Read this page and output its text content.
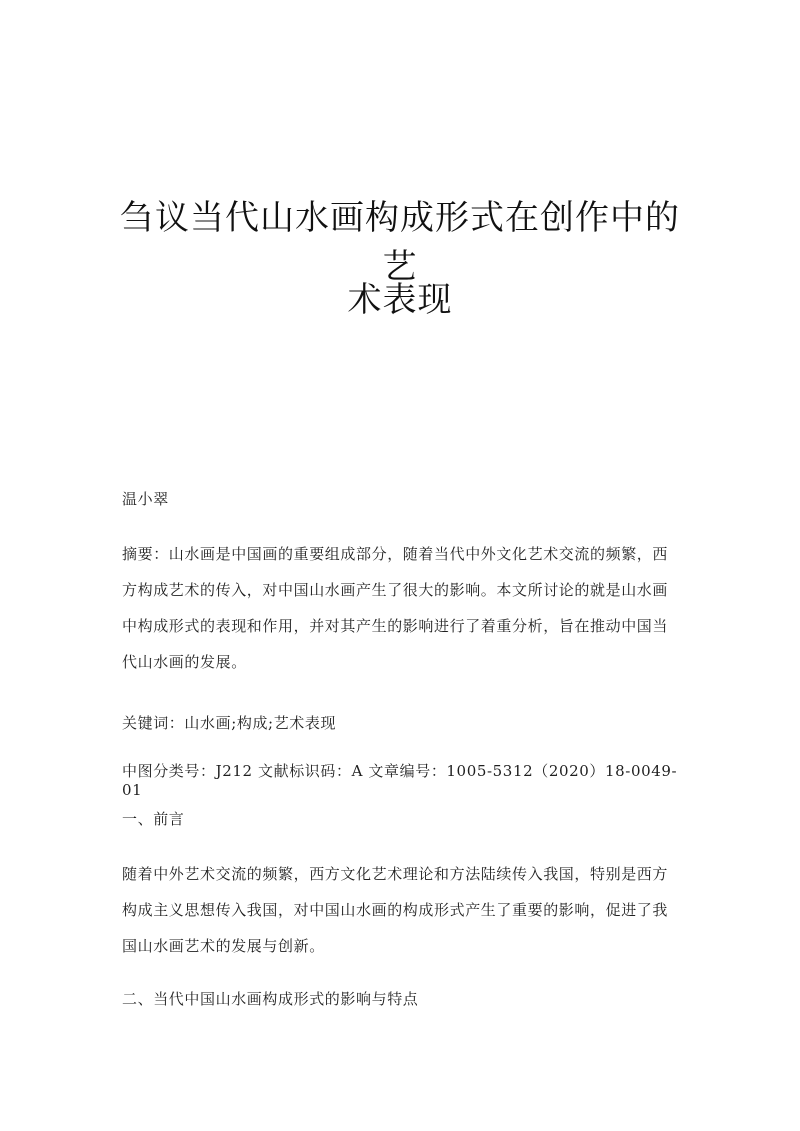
刍议当代山水画构成形式在创作中的艺
术表现

温小翠

摘要：山水画是中国画的重要组成部分，随着当代中外文化艺术交流的频繁，西方构成艺术的传入，对中国山水画产生了很大的影响。本文所讨论的就是山水画中构成形式的表现和作用，并对其产生的影响进行了着重分析，旨在推动中国当代山水画的发展。

关键词：山水画;构成;艺术表现

中图分类号：J212 文献标识码：A 文章编号：1005-5312（2020）18-0049-01

一、前言

随着中外艺术交流的频繁，西方文化艺术理论和方法陆续传入我国，特别是西方构成主义思想传入我国，对中国山水画的构成形式产生了重要的影响，促进了我国山水画艺术的发展与创新。

二、当代中国山水画构成形式的影响与特点
